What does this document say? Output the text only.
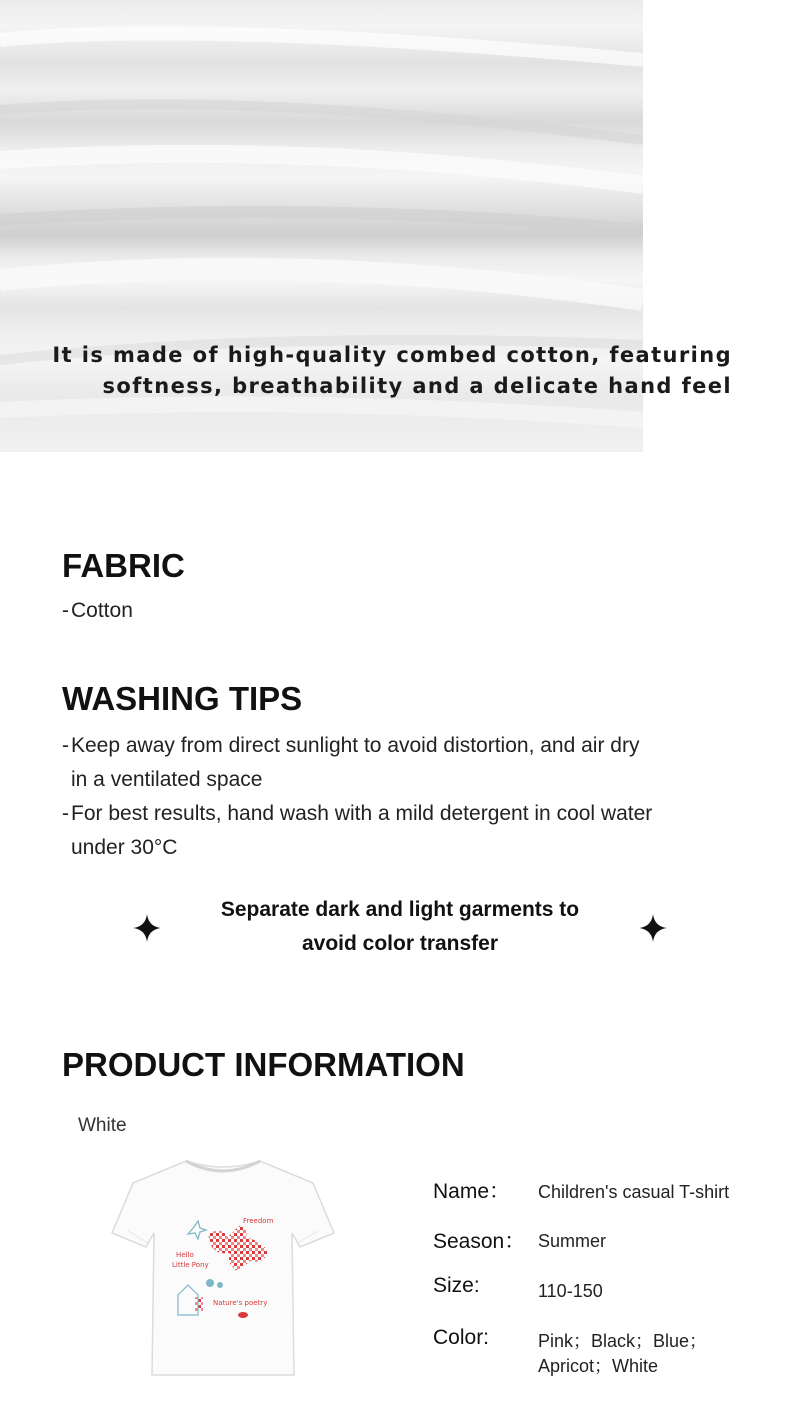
It is made of high-quality combed cotton, featuring
softness, breathability and a delicate hand feel
FABRIC
- Cotton
WASHING TIPS
- Keep away from direct sunlight to avoid distortion, and air dry
in a ventilated space
- For best results, hand wash with a mild detergent in cool water
under 30°C
Separate dark and light garments to
avoid color transfer
PRODUCT INFORMATION
White
Freedom
Hello
Little Pony
Nature's poetry
Name： Children's casual T-shirt
Season： Summer
Size:	110-150
Color:	Pink；Black；Blue；
Apricot；White
